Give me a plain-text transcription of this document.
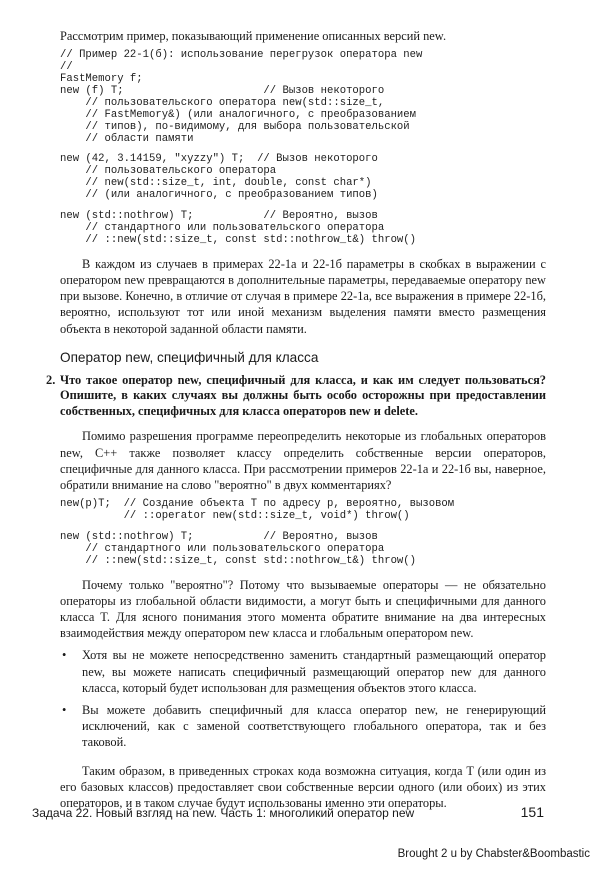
Рассмотрим пример, показывающий применение описанных версий new.

// Пример 22-1(б): использование перегрузок оператора new
//
FastMemory f;
new (f) T;                      // Вызов некоторого
// пользовательского оператора new(std::size_t,
// FastMemory&) (или аналогичного, с преобразованием
// типов), по-видимому, для выбора пользовательской
// области памяти
new (42, 3.14159, "xyzzy") T;  // Вызов некоторого
// пользовательского оператора
// new(std::size_t, int, double, const char*)
// (или аналогичного, с преобразованием типов)
new (std::nothrow) T;           // Вероятно, вызов
// стандартного или пользовательского оператора
// ::new(std::size_t, const std::nothrow_t&) throw()

В каждом из случаев в примерах 22-1а и 22-1б параметры в скобках в выражении с оператором new превращаются в дополнительные параметры, передаваемые оператору new при вызове. Конечно, в отличие от случая в примере 22-1а, все выражения в примере 22-1б, вероятно, используют тот или иной механизм выделения памяти вместо размещения объекта в некоторой заданной области памяти.

Оператор new, специфичный для класса
2. Что такое оператор new, специфичный для класса, и как им следует пользоваться? Опишите, в каких случаях вы должны быть особо осторожны при предоставлении собственных, специфичных для класса операторов new и delete.

Помимо разрешения программе переопределить некоторые из глобальных операторов new, C++ также позволяет классу определить собственные версии операторов, специфичные для данного класса. При рассмотрении примеров 22-1а и 22-1б вы, наверное, обратили внимание на слово "вероятно" в двух комментариях?

new(p)T;  // Создание объекта T по адресу p, вероятно, вызовом
// ::operator new(std::size_t, void*) throw()
new (std::nothrow) T;           // Вероятно, вызов
// стандартного или пользовательского оператора
// ::new(std::size_t, const std::nothrow_t&) throw()

Почему только "вероятно"? Потому что вызываемые операторы — не обязательно операторы из глобальной области видимости, а могут быть и специфичными для данного класса T. Для ясного понимания этого момента обратите внимание на два интересных взаимодействия между оператором new класса и глобальным оператором new.

•	Хотя вы не можете непосредственно заменить стандартный размещающий оператор new, вы можете написать специфичный размещающий оператор new для данного класса, который будет использован для размещения объектов этого класса.
•	Вы можете добавить специфичный для класса оператор new, не генерирующий исключений, как с заменой соответствующего глобального оператора, так и без таковой.

Таким образом, в приведенных строках кода возможна ситуация, когда T (или один из его базовых классов) предоставляет свои собственные версии одного (или обоих) из этих операторов, и в таком случае будут использованы именно эти операторы.

Задача 22. Новый взгляд на new. Часть 1: многоликий оператор new	151
Brought 2 u by Chabster&Boombastic
